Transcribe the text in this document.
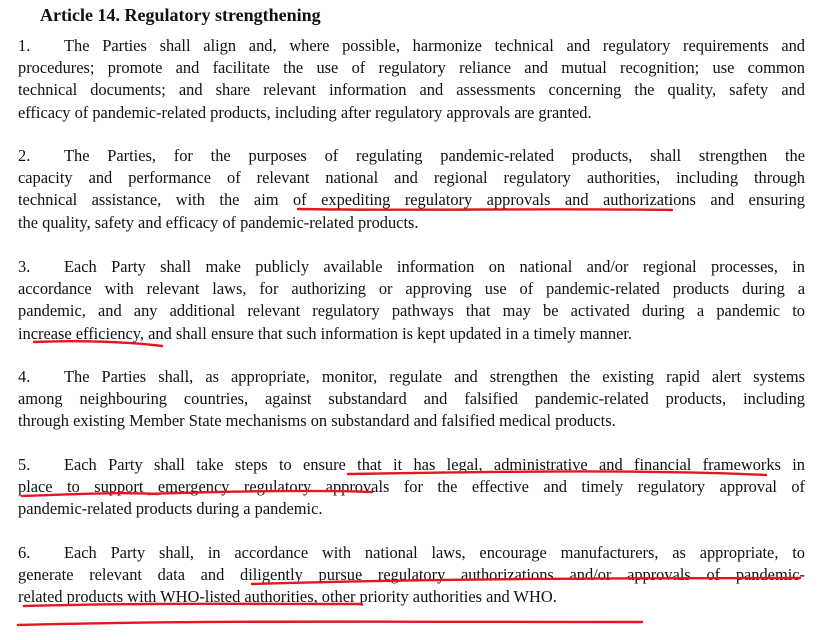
Article 14. Regulatory strengthening
1. The Parties shall align and, where possible, harmonize technical and regulatory requirements and
procedures; promote and facilitate the use of regulatory reliance and mutual recognition; use common
technical documents; and share relevant information and assessments concerning the quality, safety and
efficacy of pandemic-related products, including after regulatory approvals are granted.
2. The Parties, for the purposes of regulating pandemic-related products, shall strengthen the
capacity and performance of relevant national and regional regulatory authorities, including through
technical assistance, with the aim of expediting regulatory approvals and authorizations and ensuring
the quality, safety and efficacy of pandemic-related products.
3. Each Party shall make publicly available information on national and/or regional processes, in
accordance with relevant laws, for authorizing or approving use of pandemic-related products during a
pandemic, and any additional relevant regulatory pathways that may be activated during a pandemic to
increase efficiency, and shall ensure that such information is kept updated in a timely manner.
4. The Parties shall, as appropriate, monitor, regulate and strengthen the existing rapid alert systems
among neighbouring countries, against substandard and falsified pandemic-related products, including
through existing Member State mechanisms on substandard and falsified medical products.
5. Each Party shall take steps to ensure that it has legal, administrative and financial frameworks in
place to support emergency regulatory approvals for the effective and timely regulatory approval of
pandemic-related products during a pandemic.
6. Each Party shall, in accordance with national laws, encourage manufacturers, as appropriate, to
generate relevant data and diligently pursue regulatory authorizations and/or approvals of pandemic-
related products with WHO-listed authorities, other priority authorities and WHO.
